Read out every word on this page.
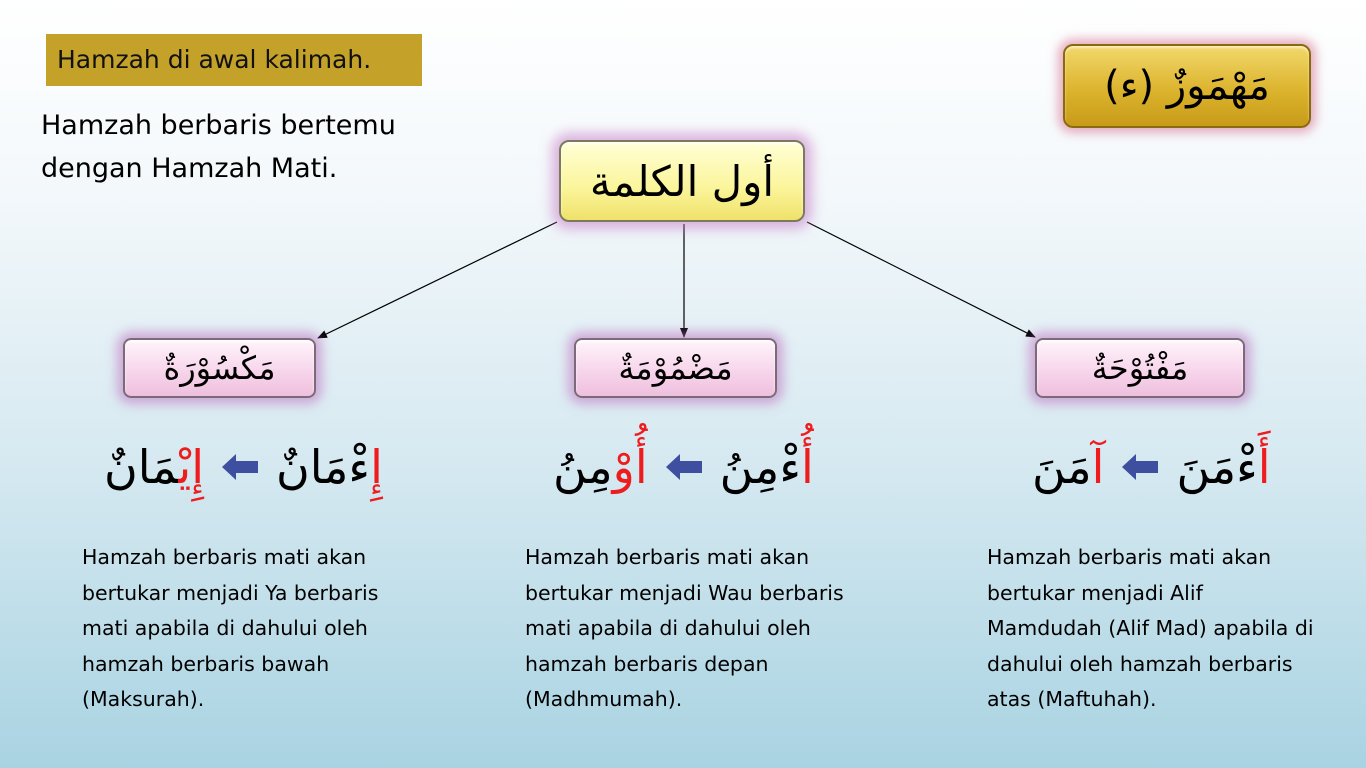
Hamzah di awal kalimah.
Hamzah berbaris bertemu
dengan Hamzah Mati.
مَهْمَوزٌ (ء)
أول الكلمة
مَكْسُوْرَةٌ	مَضْمُوْمَةٌ	مَفْتُوْحَةٌ
إِيْمَانٌ	إِءْمَانٌ	أُوْمِنُ	أُءْمِنُ	آمَنَ	أَءْمَنَ
Hamzah berbaris mati akan
bertukar menjadi Ya berbaris
mati apabila di dahului oleh
hamzah berbaris bawah
(Maksurah).
Hamzah berbaris mati akan
bertukar menjadi Wau berbaris
mati apabila di dahului oleh
hamzah berbaris depan
(Madhmumah).
Hamzah berbaris mati akan
bertukar menjadi Alif
Mamdudah (Alif Mad) apabila di
dahului oleh hamzah berbaris
atas (Maftuhah).
